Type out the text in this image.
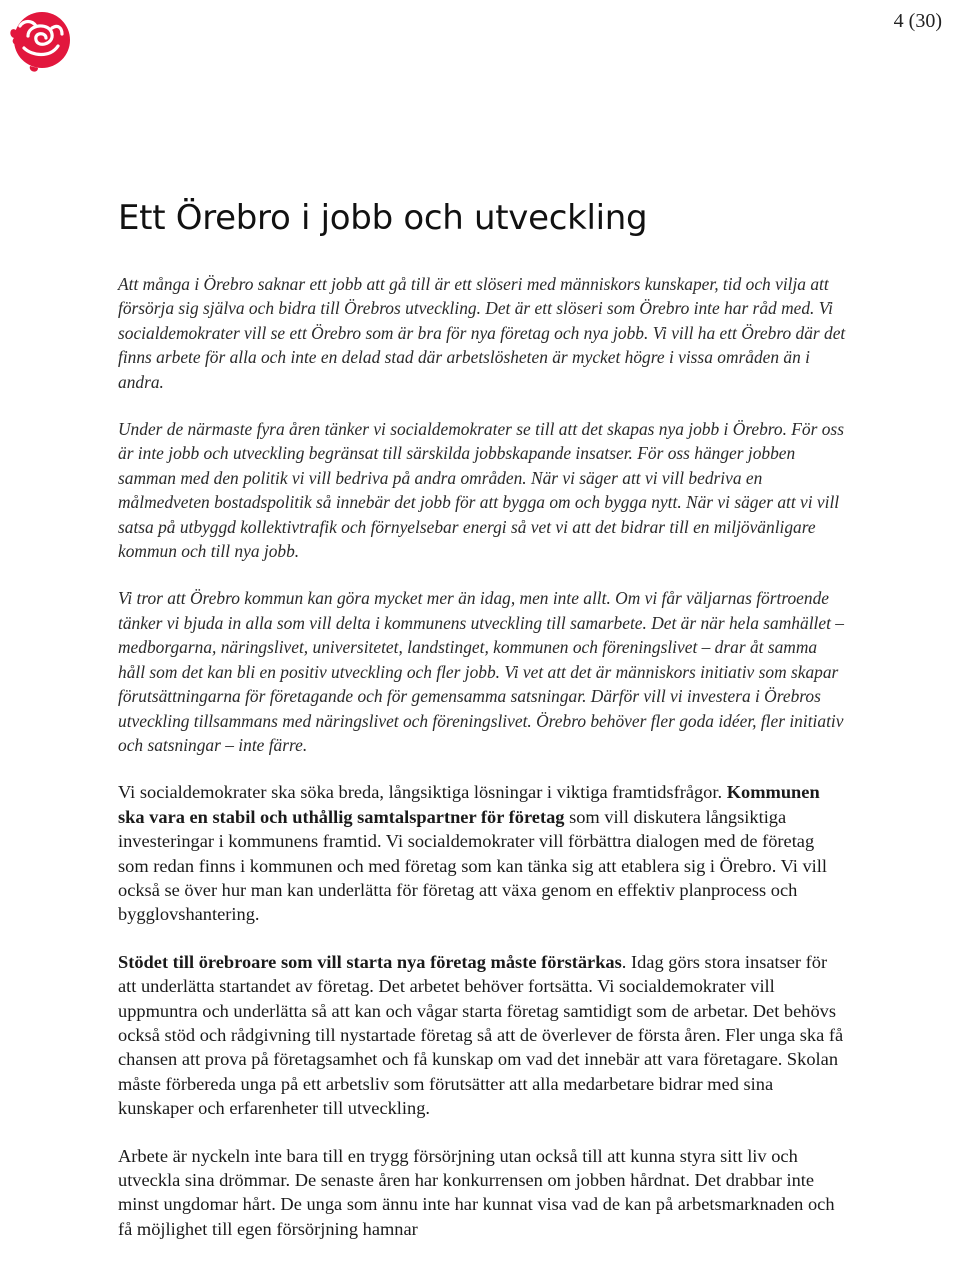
4 (30)
Ett Örebro i jobb och utveckling

Att många i Örebro saknar ett jobb att gå till är ett slöseri med människors kunskaper, tid och vilja att försörja sig själva och bidra till Örebros utveckling. Det är ett slöseri som Örebro inte har råd med. Vi socialdemokrater vill se ett Örebro som är bra för nya företag och nya jobb. Vi vill ha ett Örebro där det finns arbete för alla och inte en delad stad där arbetslösheten är mycket högre i vissa områden än i andra.

Under de närmaste fyra åren tänker vi socialdemokrater se till att det skapas nya jobb i Örebro. För oss är inte jobb och utveckling begränsat till särskilda jobbskapande insatser. För oss hänger jobben samman med den politik vi vill bedriva på andra områden. När vi säger att vi vill bedriva en målmedveten bostadspolitik så innebär det jobb för att bygga om och bygga nytt. När vi säger att vi vill satsa på utbyggd kollektivtrafik och förnyelsebar energi så vet vi att det bidrar till en miljövänligare kommun och till nya jobb.

Vi tror att Örebro kommun kan göra mycket mer än idag, men inte allt. Om vi får väljarnas förtroende tänker vi bjuda in alla som vill delta i kommunens utveckling till samarbete. Det är när hela samhället – medborgarna, näringslivet, universitetet, landstinget, kommunen och föreningslivet – drar åt samma håll som det kan bli en positiv utveckling och fler jobb. Vi vet att det är människors initiativ som skapar förutsättningarna för företagande och för gemensamma satsningar. Därför vill vi investera i Örebros utveckling tillsammans med näringslivet och föreningslivet. Örebro behöver fler goda idéer, fler initiativ och satsningar – inte färre.

Vi socialdemokrater ska söka breda, långsiktiga lösningar i viktiga framtidsfrågor. Kommunen ska vara en stabil och uthållig samtalspartner för företag som vill diskutera långsiktiga investeringar i kommunens framtid. Vi socialdemokrater vill förbättra dialogen med de företag som redan finns i kommunen och med företag som kan tänka sig att etablera sig i Örebro. Vi vill också se över hur man kan underlätta för företag att växa genom en effektiv planprocess och bygglovshantering.

Stödet till örebroare som vill starta nya företag måste förstärkas. Idag görs stora insatser för att underlätta startandet av företag. Det arbetet behöver fortsätta. Vi socialdemokrater vill uppmuntra och underlätta så att kan och vågar starta företag samtidigt som de arbetar. Det behövs också stöd och rådgivning till nystartade företag så att de överlever de första åren. Fler unga ska få chansen att prova på företagsamhet och få kunskap om vad det innebär att vara företagare. Skolan måste förbereda unga på ett arbetsliv som förutsätter att alla medarbetare bidrar med sina kunskaper och erfarenheter till utveckling.

Arbete är nyckeln inte bara till en trygg försörjning utan också till att kunna styra sitt liv och utveckla sina drömmar. De senaste åren har konkurrensen om jobben hårdnat. Det drabbar inte minst ungdomar hårt. De unga som ännu inte har kunnat visa vad de kan på arbetsmarknaden och få möjlighet till egen försörjning hamnar
